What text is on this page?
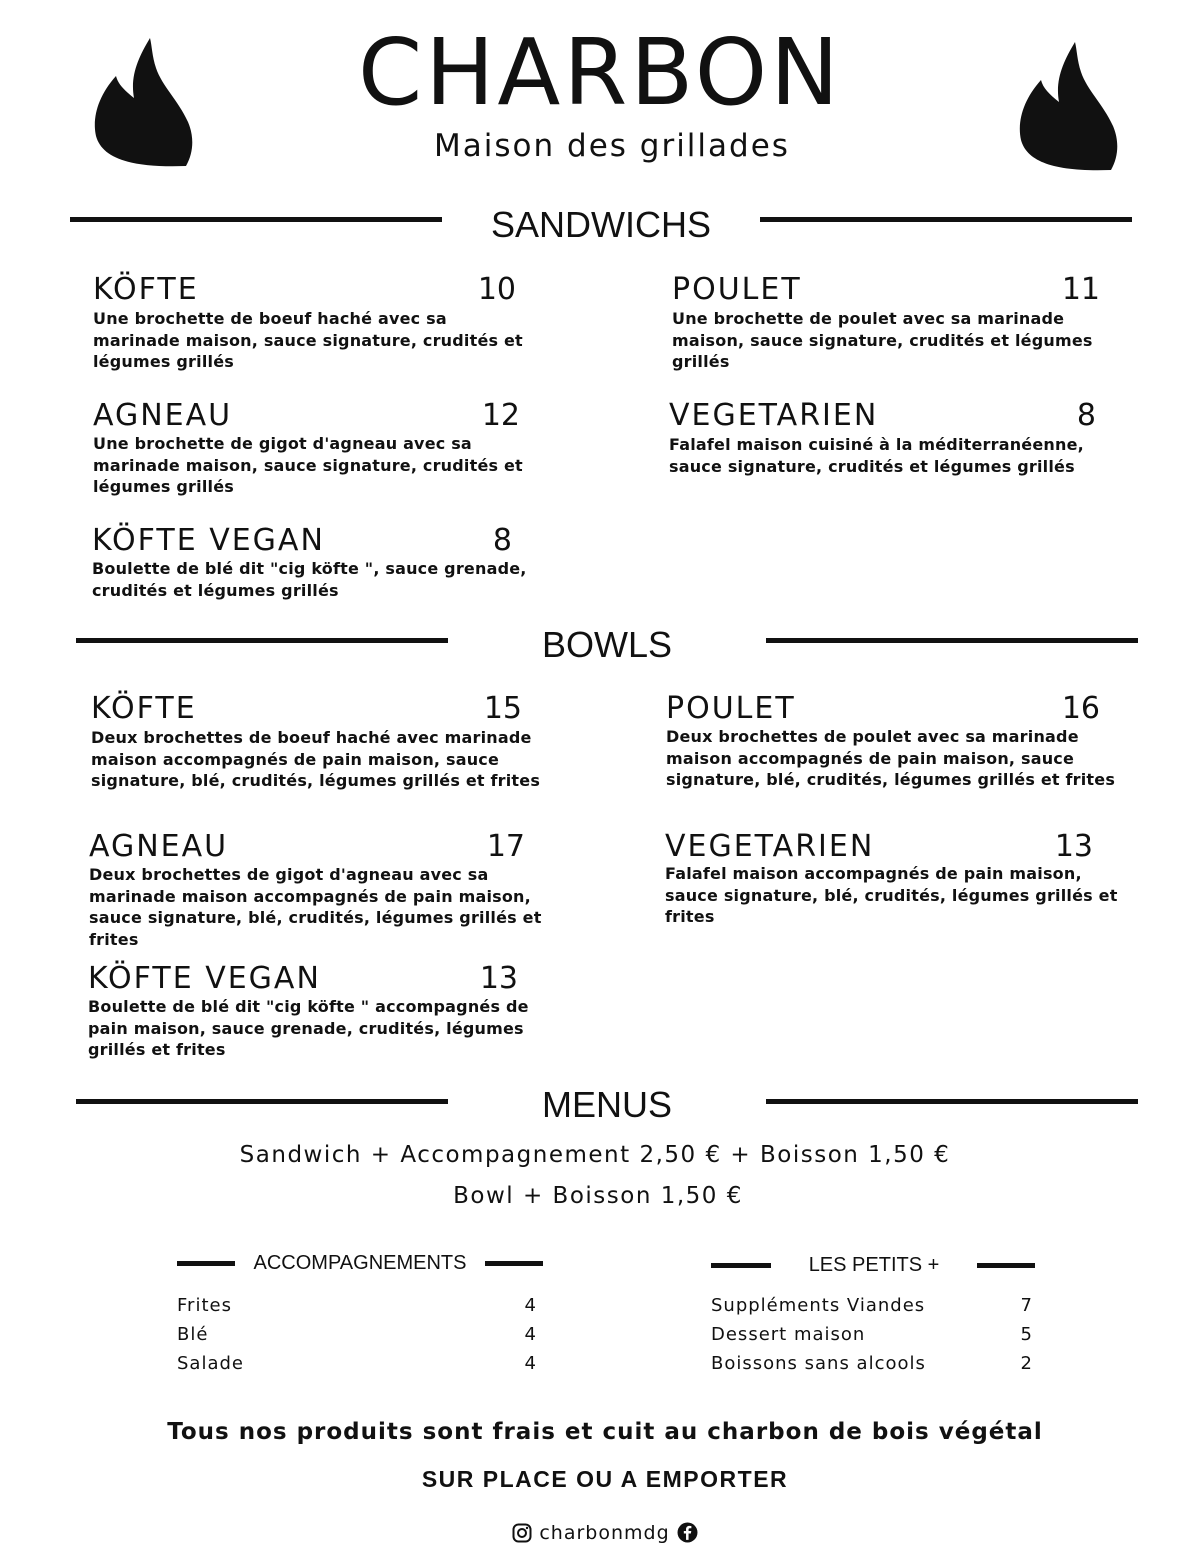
CHARBON
Maison des grillades
SANDWICHS
KÖFTE	10
Une brochette de boeuf haché avec sa
marinade maison, sauce signature, crudités et
légumes grillés
POULET	11
Une brochette de poulet avec sa marinade
maison, sauce signature, crudités et légumes
grillés
AGNEAU	12
Une brochette de gigot d'agneau avec sa
marinade maison, sauce signature, crudités et
légumes grillés
VEGETARIEN	8
Falafel maison cuisiné à la méditerranéenne,
sauce signature, crudités et légumes grillés
KÖFTE VEGAN	8
Boulette de blé dit "cig köfte ", sauce grenade,
crudités et légumes grillés
BOWLS
KÖFTE	15
Deux brochettes de boeuf haché avec marinade
maison accompagnés de pain maison, sauce
signature, blé, crudités, légumes grillés et frites
POULET	16
Deux brochettes de poulet avec sa marinade
maison accompagnés de pain maison, sauce
signature, blé, crudités, légumes grillés et frites
AGNEAU	17
Deux brochettes de gigot d'agneau avec sa
marinade maison accompagnés de pain maison,
sauce signature, blé, crudités, légumes grillés et
frites
VEGETARIEN	13
Falafel maison accompagnés de pain maison,
sauce signature, blé, crudités, légumes grillés et
frites
KÖFTE VEGAN	13
Boulette de blé dit "cig köfte " accompagnés de
pain maison, sauce grenade, crudités, légumes
grillés et frites
MENUS
Sandwich + Accompagnement 2,50 € + Boisson 1,50 €
Bowl + Boisson 1,50 €
ACCOMPAGNEMENTS
Frites	4
Blé	4
Salade	4
LES PETITS +
Suppléments Viandes	7
Dessert maison	5
Boissons sans alcools	2
Tous nos produits sont frais et cuit au charbon de bois végétal
SUR PLACE OU A EMPORTER
charbonmdg
